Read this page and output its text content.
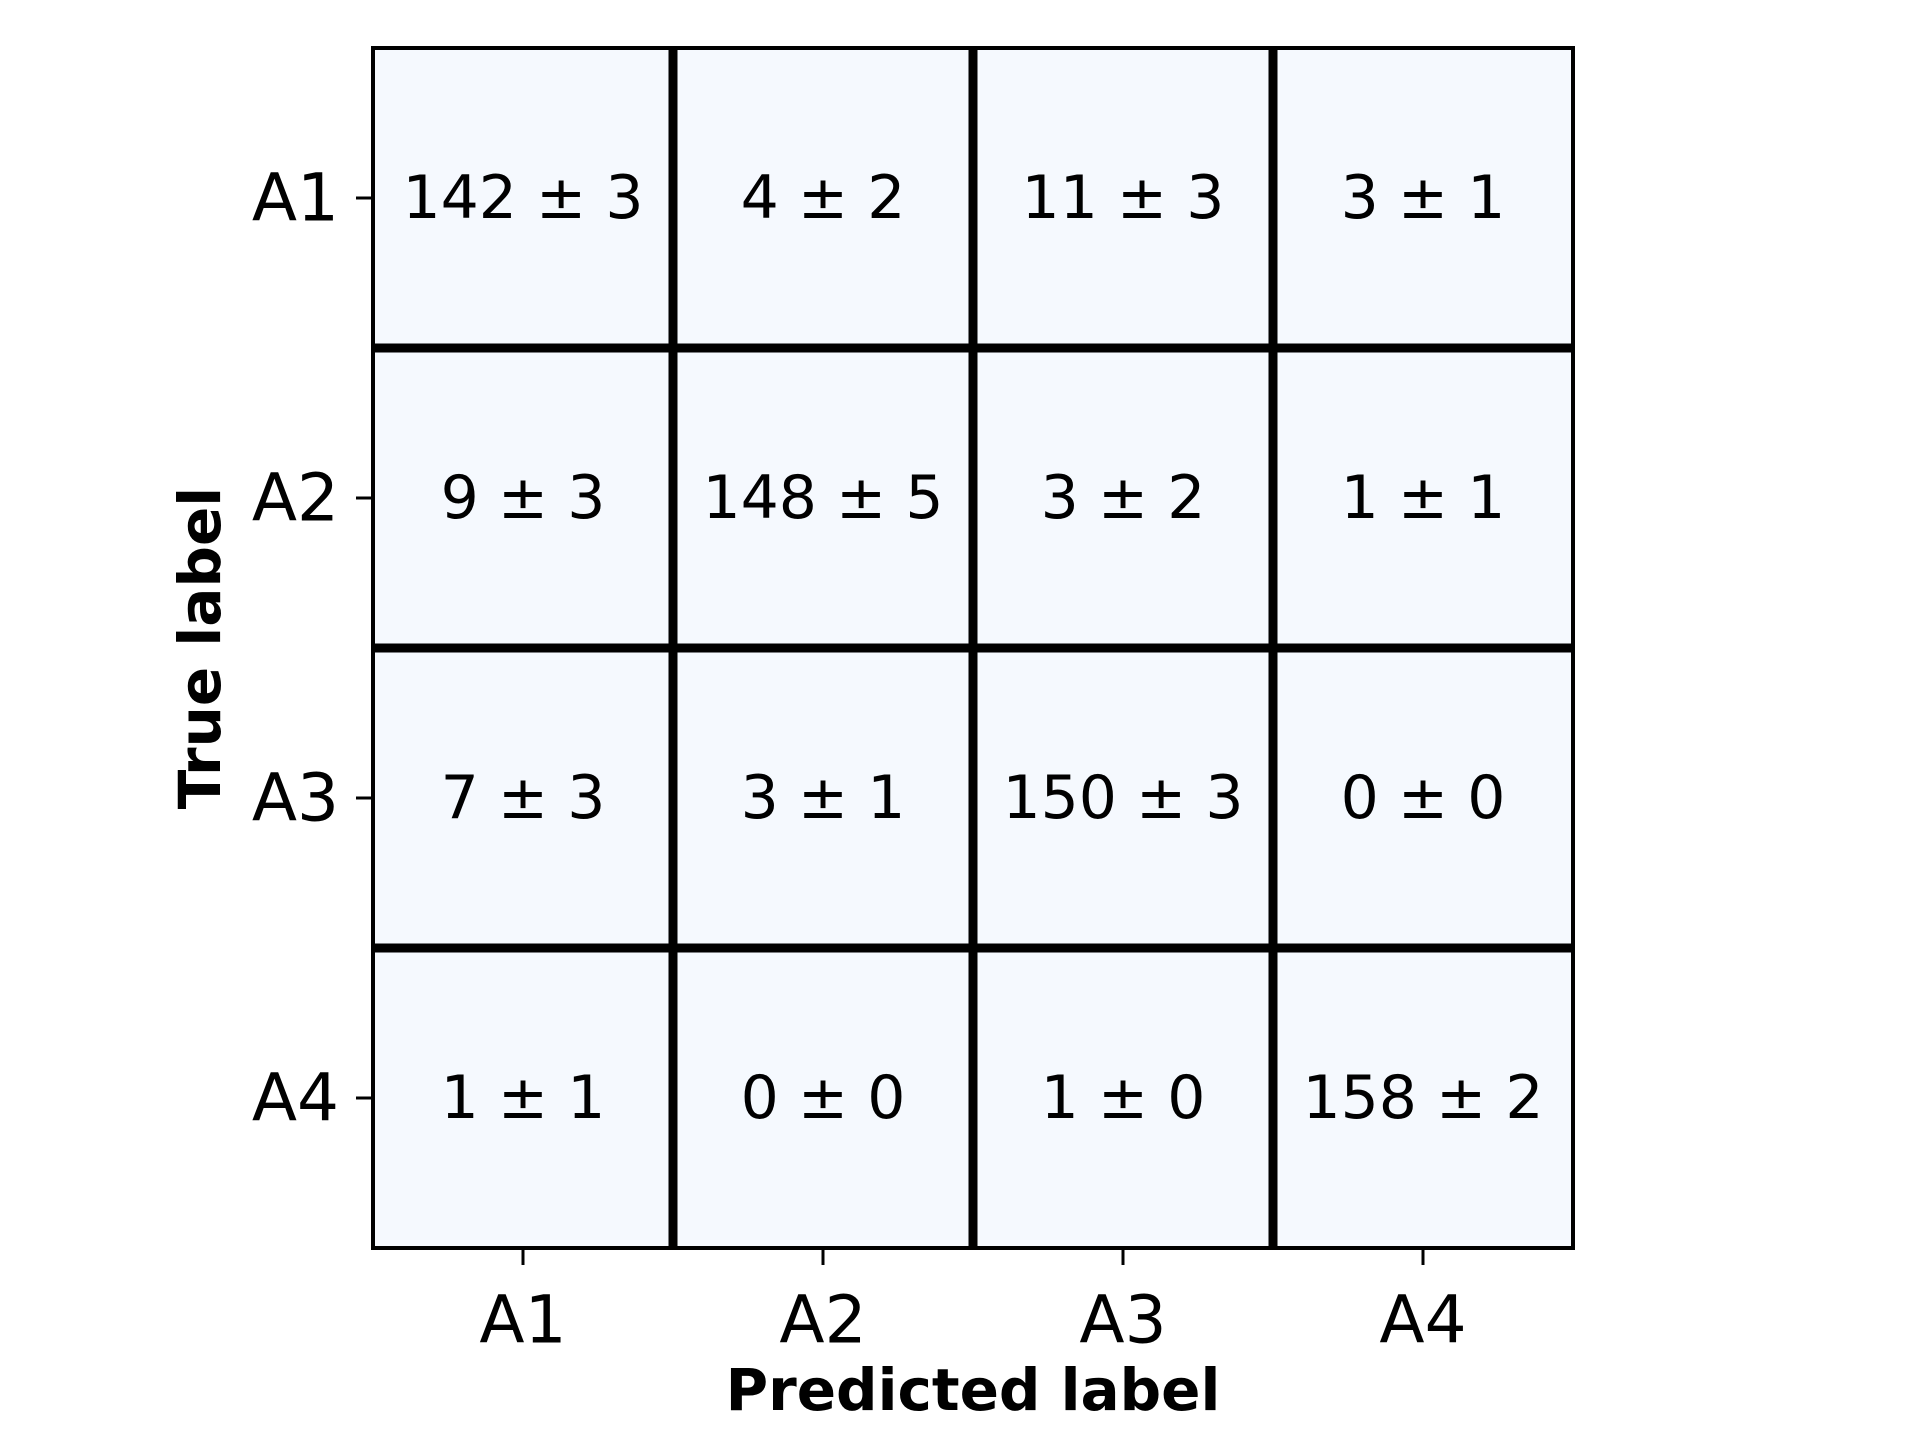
142 ± 3 4 ± 2 11 ± 3 3 ± 1
9 ± 3 148 ± 5 3 ± 2 1 ± 1
7 ± 3 3 ± 1 150 ± 3 0 ± 0
1 ± 1 0 ± 0 1 ± 0 158 ± 2
A1
A2
A3
A4
A1	A2	A3	A4
Predicted label
True label
